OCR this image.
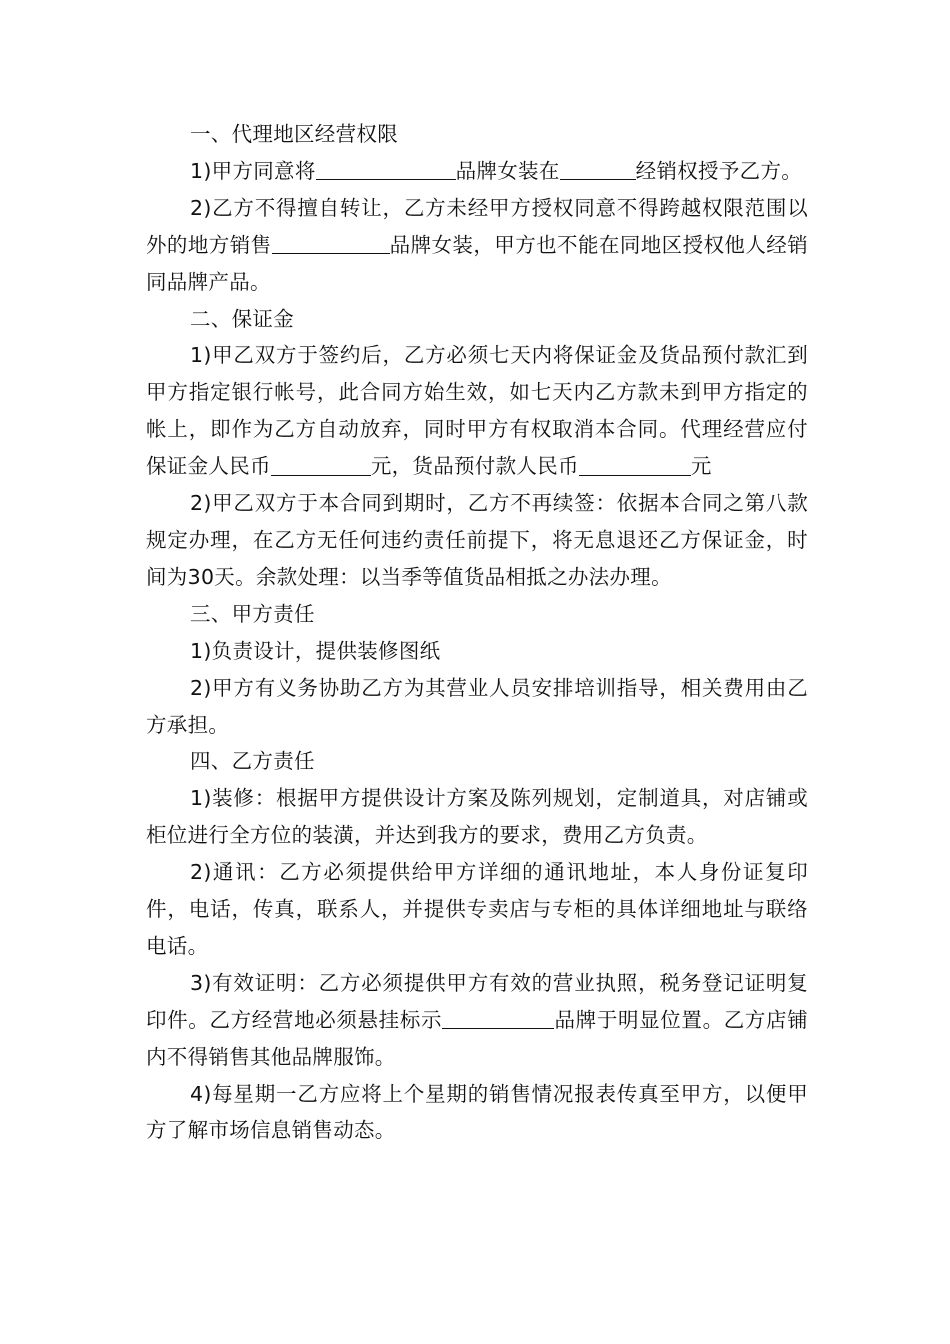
一、代理地区经营权限

1)甲方同意将	品牌女装在	经销权授予乙方。

2)乙方不得擅自转让，乙方未经甲方授权同意不得跨越权限范围以外的地方销售	品牌女装，甲方也不能在同地区授权他人经销同品牌产品。

二、保证金

1)甲乙双方于签约后，乙方必须七天内将保证金及货品预付款汇到甲方指定银行帐号，此合同方始生效，如七天内乙方款未到甲方指定的帐上，即作为乙方自动放弃，同时甲方有权取消本合同。代理经营应付保证金人民币	元，货品预付款人民币	元

2)甲乙双方于本合同到期时，乙方不再续签：依据本合同之第八款规定办理，在乙方无任何违约责任前提下，将无息退还乙方保证金，时间为30天。余款处理：以当季等值货品相抵之办法办理。

三、甲方责任

1)负责设计，提供装修图纸

2)甲方有义务协助乙方为其营业人员安排培训指导，相关费用由乙方承担。

四、乙方责任

1)装修：根据甲方提供设计方案及陈列规划，定制道具，对店铺或柜位进行全方位的装潢，并达到我方的要求，费用乙方负责。

2)通讯：乙方必须提供给甲方详细的通讯地址，本人身份证复印件，电话，传真，联系人，并提供专卖店与专柜的具体详细地址与联络电话。

3)有效证明：乙方必须提供甲方有效的营业执照，税务登记证明复印件。乙方经营地必须悬挂标示	品牌于明显位置。乙方店铺内不得销售其他品牌服饰。

4)每星期一乙方应将上个星期的销售情况报表传真至甲方，以便甲方了解市场信息销售动态。
